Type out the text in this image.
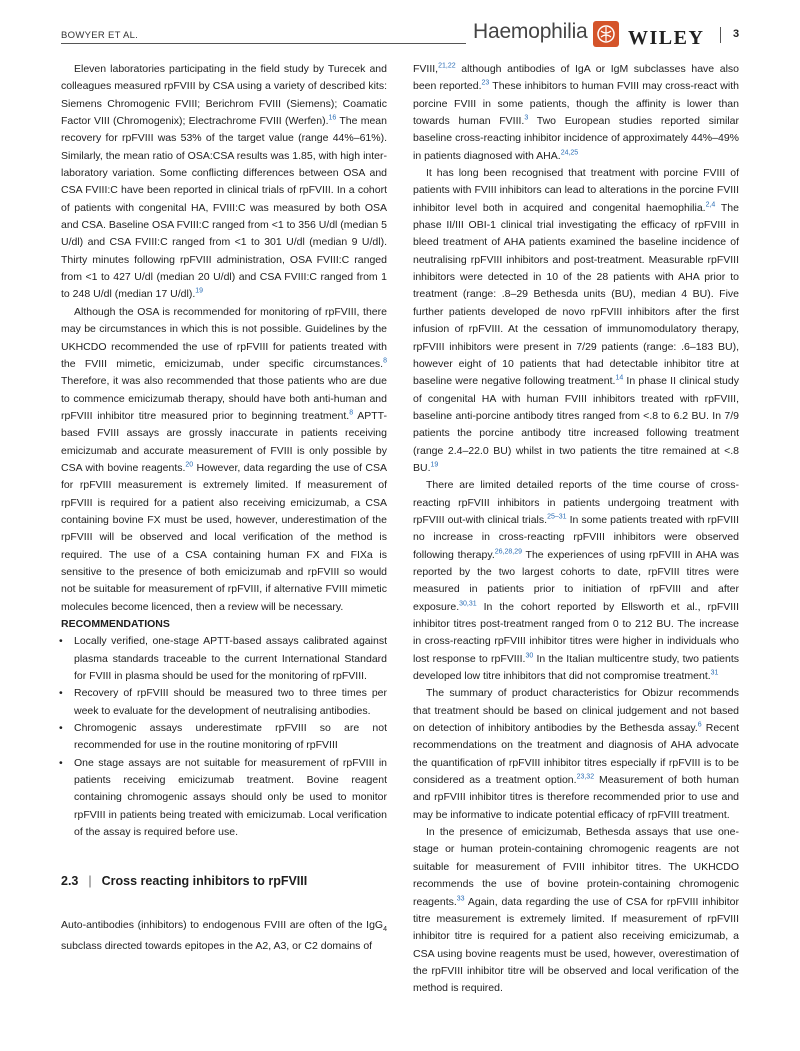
BOWYER ET AL.	Haemophilia WILEY	3

Eleven laboratories participating in the field study by Turecek and colleagues measured rpFVIII by CSA using a variety of described kits: Siemens Chromogenic FVIII; Berichrom FVIII (Siemens); Coamatic Factor VIII (Chromogenix); Electrachrome FVIII (Werfen).$^{16}$ The mean recovery for rpFVIII was 53% of the target value (range 44%–61%). Similarly, the mean ratio of OSA:CSA results was 1.85, with high inter-laboratory variation. Some conflicting differences between OSA and CSA FVIII:C have been reported in clinical trials of rpFVIII. In a cohort of patients with congenital HA, FVIII:C was measured by both OSA and CSA. Baseline OSA FVIII:C ranged from <1 to 356 U/dl (median 5 U/dl) and CSA FVIII:C ranged from <1 to 301 U/dl (median 9 U/dl). Thirty minutes following rpFVIII administration, OSA FVIII:C ranged from <1 to 427 U/dl (median 20 U/dl) and CSA FVIII:C ranged from 1 to 248 U/dl (median 17 U/dl).$^{19}$

Although the OSA is recommended for monitoring of rpFVIII, there may be circumstances in which this is not possible. Guidelines by the UKHCDO recommended the use of rpFVIII for patients treated with the FVIII mimetic, emicizumab, under specific circumstances.$^8$ Therefore, it was also recommended that those patients who are due to commence emicizumab therapy, should have both anti-human and rpFVIII inhibitor titre measured prior to beginning treatment.$^8$ APTT-based FVIII assays are grossly inaccurate in patients receiving emicizumab and accurate measurement of FVIII is only possible by CSA with bovine reagents.$^{20}$ However, data regarding the use of CSA for rpFVIII measurement is extremely limited. If measurement of rpFVIII is required for a patient also receiving emicizumab, a CSA containing bovine FX must be used, however, underestimation of the rpFVIII will be observed and local verification of the method is required. The use of a CSA containing human FX and FIXa is sensitive to the presence of both emicizumab and rpFVIII so would not be suitable for measurement of rpFVIII, if alternative FVIII mimetic molecules become licenced, then a review will be necessary.

RECOMMENDATIONS

• Locally verified, one-stage APTT-based assays calibrated against plasma standards traceable to the current International Standard for FVIII in plasma should be used for the monitoring of rpFVIII.
• Recovery of rpFVIII should be measured two to three times per week to evaluate for the development of neutralising antibodies.
• Chromogenic assays underestimate rpFVIII so are not recommended for use in the routine monitoring of rpFVIII
• One stage assays are not suitable for measurement of rpFVIII in patients receiving emicizumab treatment. Bovine reagent containing chromogenic assays should only be used to monitor rpFVIII in patients being treated with emicizumab. Local verification of the assay is required before use.
2.3 | Cross reacting inhibitors to rpFVIII

Auto-antibodies (inhibitors) to endogenous FVIII are often of the IgG$_4$ subclass directed towards epitopes in the A2, A3, or C2 domains of

FVIII,$^{21,22}$ although antibodies of IgA or IgM subclasses have also been reported.$^{23}$ These inhibitors to human FVIII may cross-react with porcine FVIII in some patients, though the affinity is lower than towards human FVIII.$^3$ Two European studies reported similar baseline cross-reacting inhibitor incidence of approximately 44%–49% in patients diagnosed with AHA.$^{24,25}$

It has long been recognised that treatment with porcine FVIII of patients with FVIII inhibitors can lead to alterations in the porcine FVIII inhibitor level both in acquired and congenital haemophilia.$^{2,4}$ The phase II/III OBI-1 clinical trial investigating the efficacy of rpFVIII in bleed treatment of AHA patients examined the baseline incidence of neutralising rpFVIII inhibitors and post-treatment. Measurable rpFVIII inhibitors were detected in 10 of the 28 patients with AHA prior to treatment (range: .8–29 Bethesda units (BU), median 4 BU). Five further patients developed de novo rpFVIII inhibitors after the first infusion of rpFVIII. At the cessation of immunomodulatory therapy, rpFVIII inhibitors were present in 7/29 patients (range: .6–183 BU), however eight of 10 patients that had detectable inhibitor titre at baseline were negative following treatment.$^{14}$ In phase II clinical study of congenital HA with human FVIII inhibitors treated with rpFVIII, baseline anti-porcine antibody titres ranged from <.8 to 6.2 BU. In 7/9 patients the porcine antibody titre increased following treatment (range 2.4–22.0 BU) whilst in two patients the titre remained at <.8 BU.$^{19}$

There are limited detailed reports of the time course of cross-reacting rpFVIII inhibitors in patients undergoing treatment with rpFVIII out-with clinical trials.$^{25-31}$ In some patients treated with rpFVIII no increase in cross-reacting rpFVIII inhibitors were observed following therapy.$^{26,28,29}$ The experiences of using rpFVIII in AHA was reported by the two largest cohorts to date, rpFVIII titres were measured in patients prior to initiation of rpFVIII and after exposure.$^{30,31}$ In the cohort reported by Ellsworth et al., rpFVIII inhibitor titres post-treatment ranged from 0 to 212 BU. The increase in cross-reacting rpFVIII inhibitor titres were higher in individuals who lost response to rpFVIII.$^{30}$ In the Italian multicentre study, two patients developed low titre inhibitors that did not compromise treatment.$^{31}$

The summary of product characteristics for Obizur recommends that treatment should be based on clinical judgement and not based on detection of inhibitory antibodies by the Bethesda assay.$^6$ Recent recommendations on the treatment and diagnosis of AHA advocate the quantification of rpFVIII inhibitor titres especially if rpFVIII is to be considered as a treatment option.$^{23,32}$ Measurement of both human and rpFVIII inhibitor titres is therefore recommended prior to use and may be informative to indicate potential efficacy of rpFVIII treatment.

In the presence of emicizumab, Bethesda assays that use one-stage or human protein-containing chromogenic reagents are not suitable for measurement of FVIII inhibitor titres. The UKHCDO recommends the use of bovine protein-containing chromogenic reagents.$^{33}$ Again, data regarding the use of CSA for rpFVIII inhibitor titre measurement is extremely limited. If measurement of rpFVIII inhibitor titre is required for a patient also receiving emicizumab, a CSA using bovine reagents must be used, however, overestimation of the rpFVIII inhibitor titre will be observed and local verification of the method is required.
